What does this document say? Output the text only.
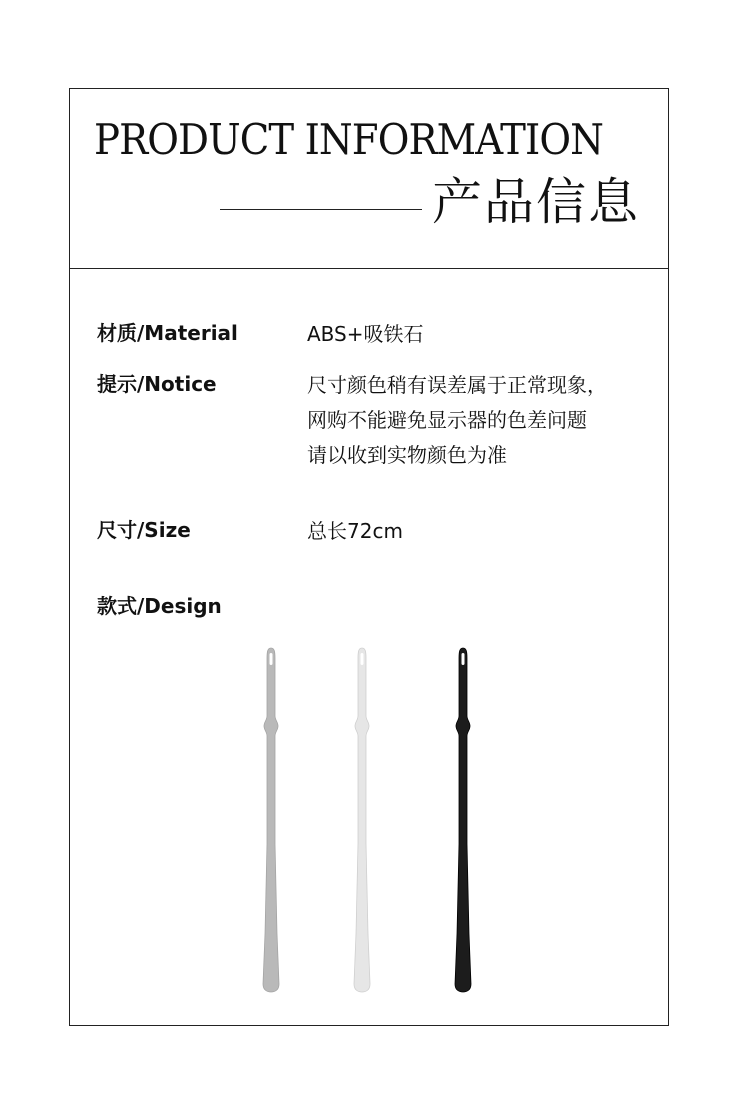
PRODUCT INFORMATION
产品信息

材质/Material	ABS+吸铁石

提示/Notice	尺寸颜色稍有误差属于正常现象，
网购不能避免显示器的色差问题
请以收到实物颜色为准

尺寸/Size	总长72cm

款式/Design
